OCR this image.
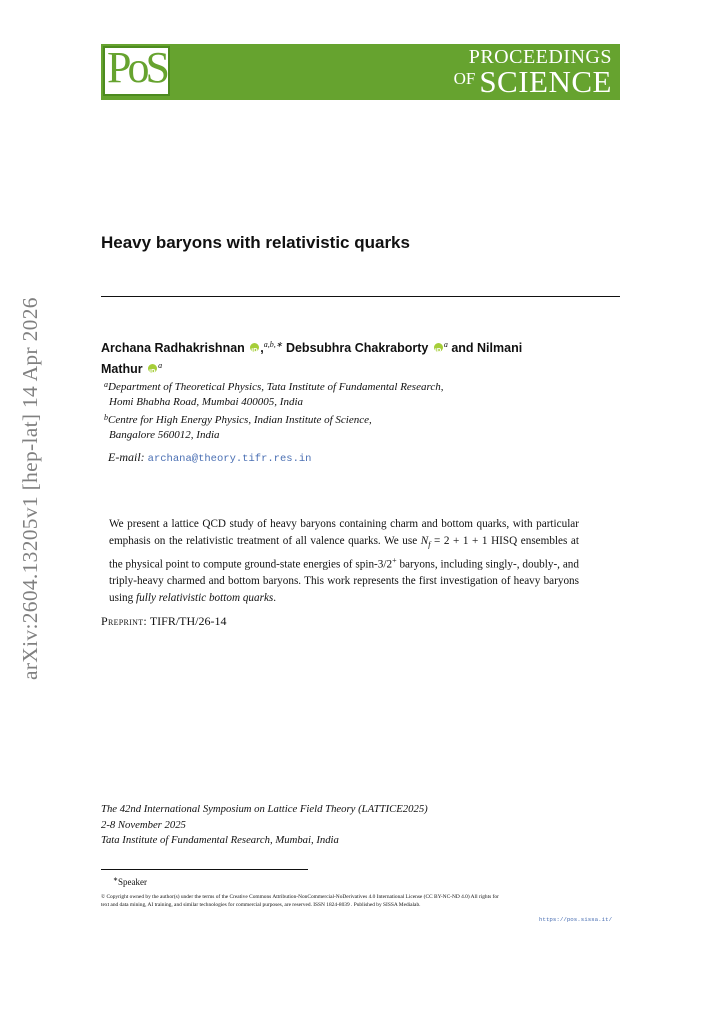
PROCEEDINGS
OF SCIENCE
PoS
arXiv:2604.13205v1 [hep-lat] 14 Apr 2026
Heavy baryons with relativistic quarks
Archana Radhakrishnan iD ,$^{a,b,∗}$ Debsubhra Chakraborty iD $^a$ and Nilmani
Mathur iD $^a$
$^a$Department of Theoretical Physics, Tata Institute of Fundamental Research,
Homi Bhabha Road, Mumbai 400005, India
$^b$Centre for High Energy Physics, Indian Institute of Science,
Bangalore 560012, India
E-mail: archana@theory.tifr.res.in
We present a lattice QCD study of heavy baryons containing charm and bottom quarks, with particular emphasis on the relativistic treatment of all valence quarks. We use $N_f = 2 + 1 + 1$ HISQ ensembles at the physical point to compute ground-state energies of spin-3/2+ baryons, including singly-, doubly-, and triply-heavy charmed and bottom baryons. This work represents the first investigation of heavy baryons using fully relativistic bottom quarks.
Preprint: TIFR/TH/26-14
The 42nd International Symposium on Lattice Field Theory (LATTICE2025)
2-8 November 2025
Tata Institute of Fundamental Research, Mumbai, India
∗Speaker
© Copyright owned by the author(s) under the terms of the Creative Commons Attribution-NonCommercial-NoDerivatives 4.0 International License (CC BY-NC-ND 4.0) All rights for text and data mining, AI training, and similar technologies for commercial purposes, are reserved. ISSN 1824-8039 . Published by SISSA Medialab.
https://pos.sissa.it/
